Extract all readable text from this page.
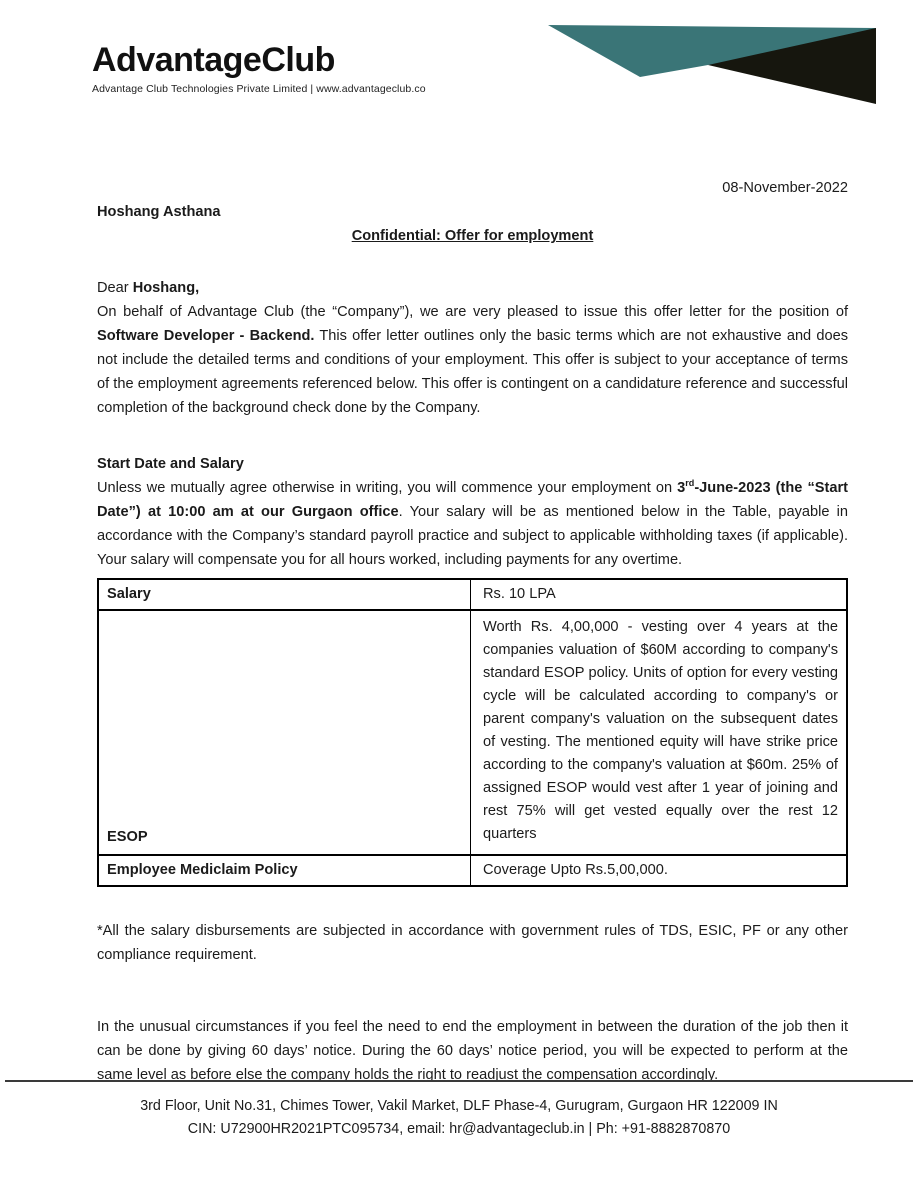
AdvantageClub
Advantage Club Technologies Private Limited | www.advantageclub.co
08-November-2022
Hoshang Asthana
Confidential: Offer for employment
Dear Hoshang,
On behalf of Advantage Club (the “Company”), we are very pleased to issue this offer letter for the position of Software Developer - Backend. This offer letter outlines only the basic terms which are not exhaustive and does not include the detailed terms and conditions of your employment. This offer is subject to your acceptance of terms of the employment agreements referenced below. This offer is contingent on a candidature reference and successful completion of the background check done by the Company.
Start Date and Salary
Unless we mutually agree otherwise in writing, you will commence your employment on 3rd-June-2023 (the “Start Date”) at 10:00 am at our Gurgaon office. Your salary will be as mentioned below in the Table, payable in accordance with the Company’s standard payroll practice and subject to applicable withholding taxes (if applicable). Your salary will compensate you for all hours worked, including payments for any overtime.
Salary	Rs. 10 LPA
ESOP	Worth Rs. 4,00,000 - vesting over 4 years at the companies valuation of $60M according to company's standard ESOP policy. Units of option for every vesting cycle will be calculated according to company's or parent company's valuation on the subsequent dates of vesting. The mentioned equity will have strike price according to the company's valuation at $60m. 25% of assigned ESOP would vest after 1 year of joining and rest 75% will get vested equally over the rest 12 quarters
Employee Mediclaim Policy	Coverage Upto Rs.5,00,000.
*All the salary disbursements are subjected in accordance with government rules of TDS, ESIC, PF or any other compliance requirement.
In the unusual circumstances if you feel the need to end the employment in between the duration of the job then it can be done by giving 60 days’ notice. During the 60 days’ notice period, you will be expected to perform at the same level as before else the company holds the right to readjust the compensation accordingly.
3rd Floor, Unit No.31, Chimes Tower, Vakil Market, DLF Phase-4, Gurugram, Gurgaon HR 122009 IN
CIN: U72900HR2021PTC095734, email: hr@advantageclub.in | Ph: +91-8882870870
